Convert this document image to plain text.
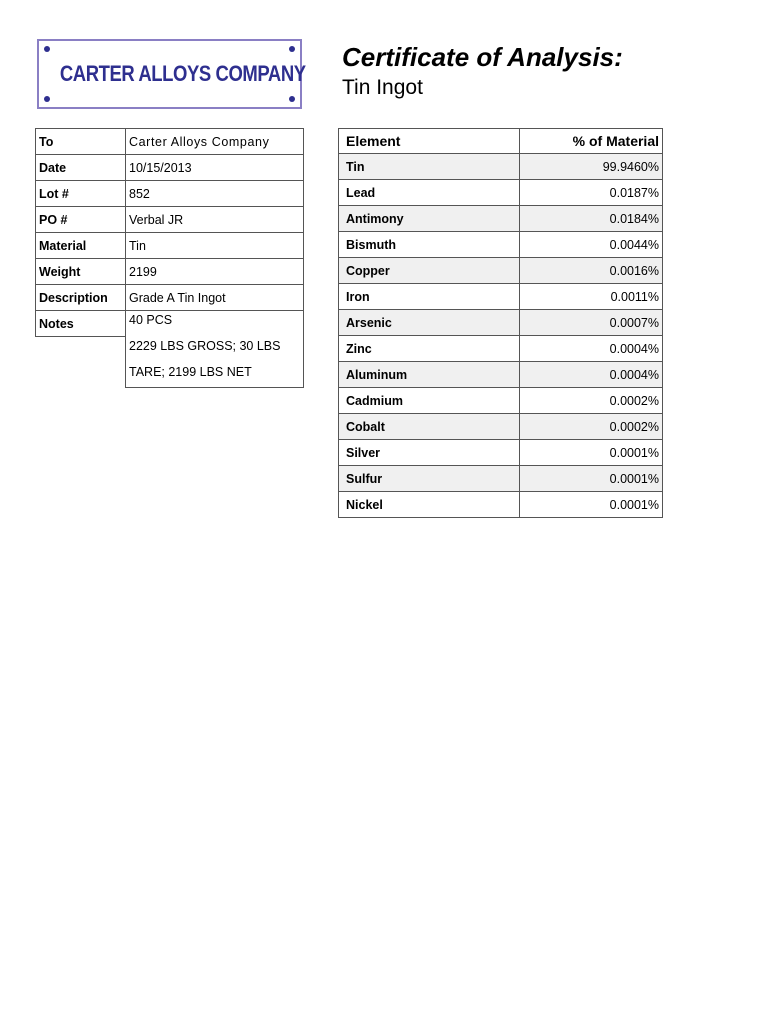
CARTER ALLOYS COMPANY
Certificate of Analysis:
Tin Ingot
To	Carter Alloys Company
Date	10/15/2013
Lot #	852
PO #	Verbal JR
Material	Tin
Weight	2199
Description	Grade A Tin Ingot
Notes	40 PCS
2229 LBS GROSS; 30 LBS
TARE; 2199 LBS NET

Element	% of Material
Tin	99.9460%
Lead	0.0187%
Antimony	0.0184%
Bismuth	0.0044%
Copper	0.0016%
Iron	0.0011%
Arsenic	0.0007%
Zinc	0.0004%
Aluminum	0.0004%
Cadmium	0.0002%
Cobalt	0.0002%
Silver	0.0001%
Sulfur	0.0001%
Nickel	0.0001%
